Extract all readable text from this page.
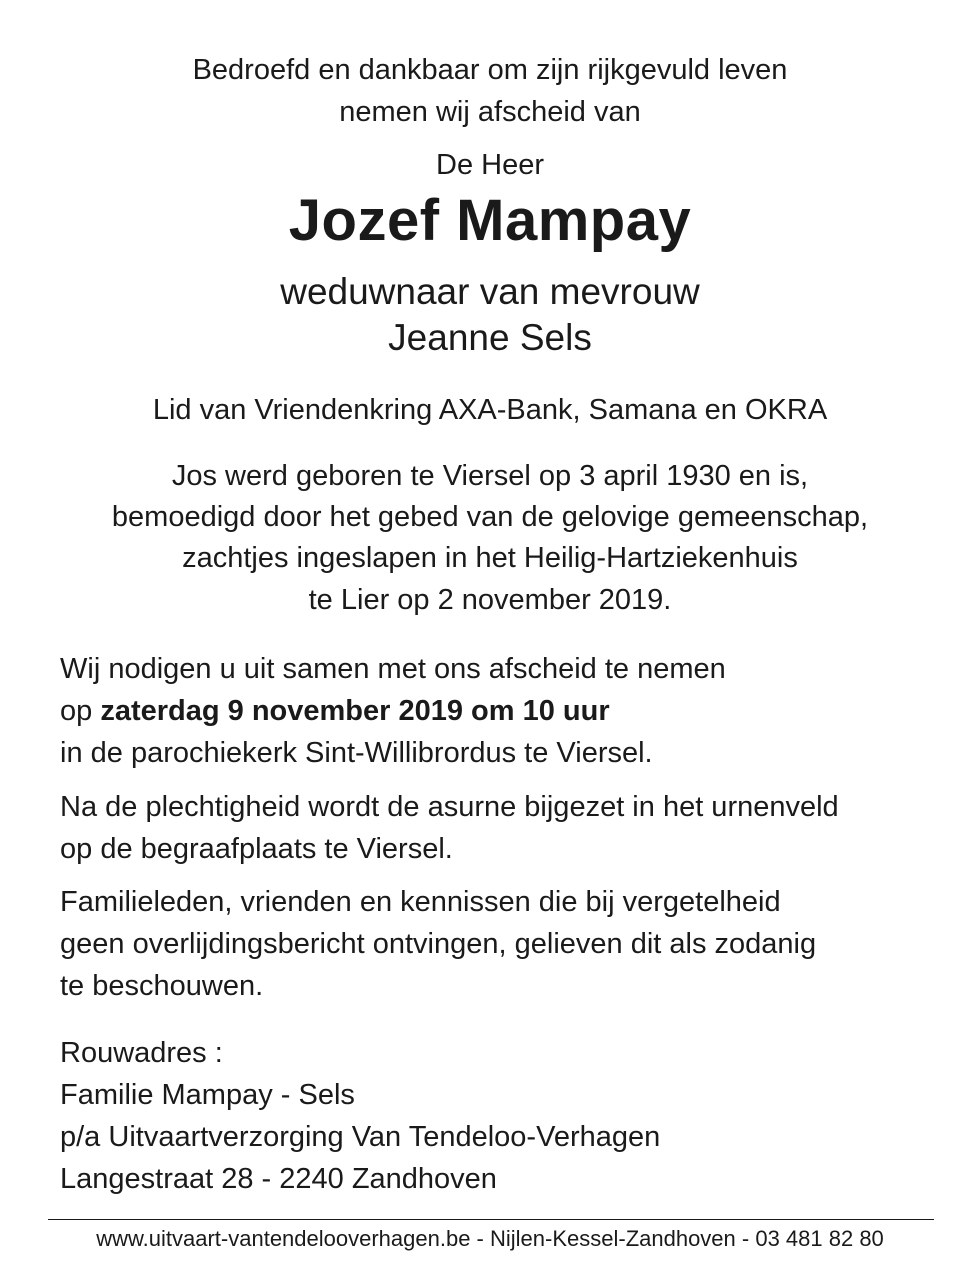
Bedroefd en dankbaar om zijn rijkgevuld leven
nemen wij afscheid van
De Heer
Jozef Mampay
weduwnaar van mevrouw
Jeanne Sels
Lid van Vriendenkring AXA-Bank, Samana en OKRA
Jos werd geboren te Viersel op 3 april 1930 en is,
bemoedigd door het gebed van de gelovige gemeenschap,
zachtjes ingeslapen in het Heilig-Hartziekenhuis
te Lier op 2 november 2019.
Wij nodigen u uit samen met ons afscheid te nemen
op zaterdag 9 november 2019 om 10 uur
in de parochiekerk Sint-Willibrordus te Viersel.
Na de plechtigheid wordt de asurne bijgezet in het urnenveld
op de begraafplaats te Viersel.
Familieleden, vrienden en kennissen die bij vergetelheid
geen overlijdingsbericht ontvingen, gelieven dit als zodanig
te beschouwen.
Rouwadres :
Familie Mampay - Sels
p/a Uitvaartverzorging Van Tendeloo-Verhagen
Langestraat 28 - 2240 Zandhoven
www.uitvaart-vantendelooverhagen.be - Nijlen-Kessel-Zandhoven - 03 481 82 80
